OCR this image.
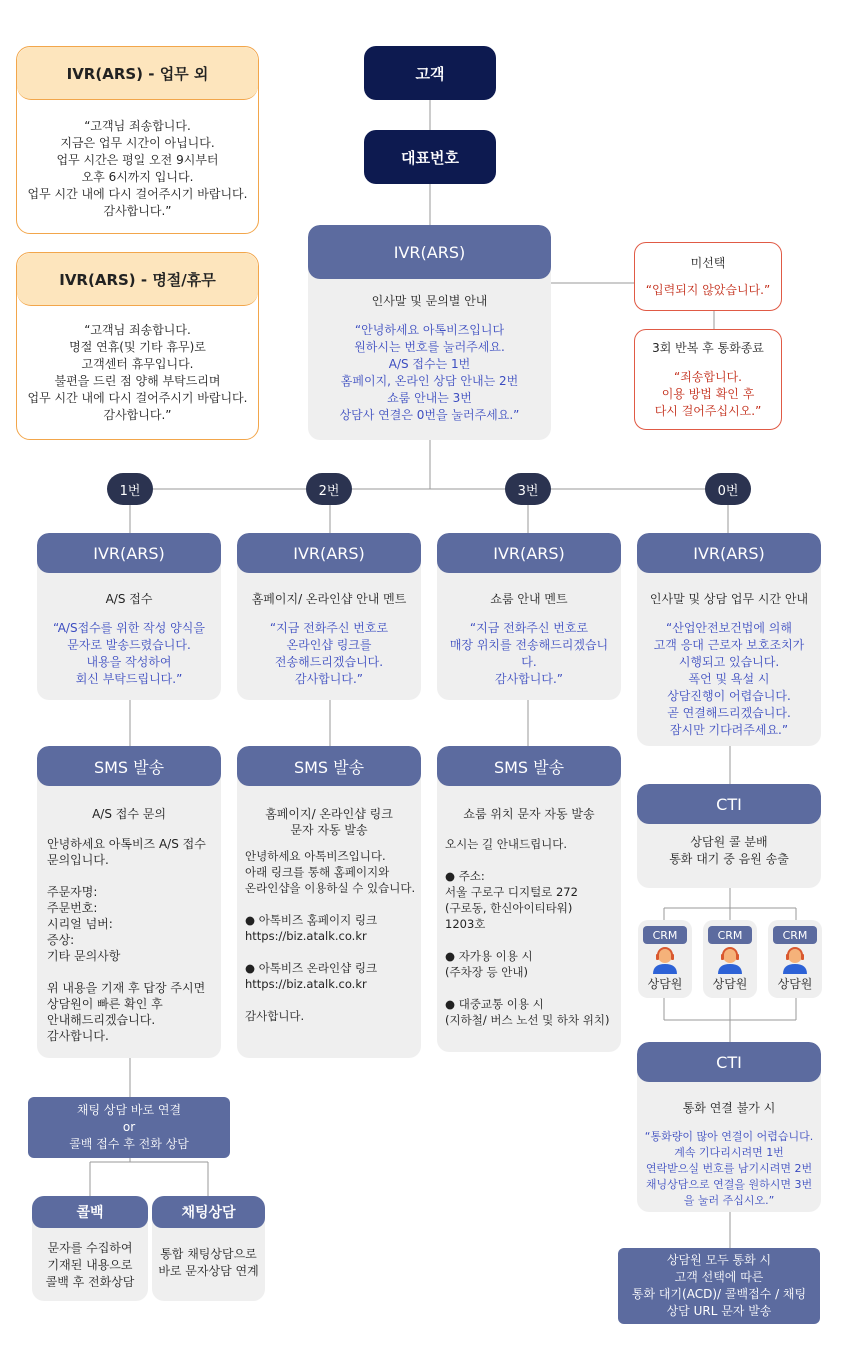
고객
대표번호
IVR(ARS)
인사말 및 문의별 안내
“안녕하세요 아톡비즈입니다
원하시는 번호를 눌러주세요.
A/S 접수는 1번
홈페이지, 온라인 상담 안내는 2번
쇼룸 안내는 3번
상담사 연결은 0번을 눌러주세요.”
IVR(ARS) - 업무 외
“고객님 죄송합니다.
지금은 업무 시간이 아닙니다.
업무 시간은 평일 오전 9시부터
오후 6시까지 입니다.
업무 시간 내에 다시 걸어주시기 바랍니다.
감사합니다.”
IVR(ARS) - 명절/휴무
“고객님 죄송합니다.
명절 연휴(및 기타 휴무)로
고객센터 휴무입니다.
불편을 드린 점 양해 부탁드리며
업무 시간 내에 다시 걸어주시기 바랍니다.
감사합니다.”
미선택
“입력되지 않았습니다.”
3회 반복 후 통화종료
“죄송합니다.
이용 방법 확인 후
다시 걸어주십시오.”
1번	2번	3번	0번
IVR(ARS)
A/S 접수
“A/S접수를 위한 작성 양식을
문자로 발송드렸습니다.
내용을 작성하여
회신 부탁드립니다.”
IVR(ARS)
홈페이지/ 온라인샵 안내 멘트
“지금 전화주신 번호로
온라인샵 링크를
전송해드리겠습니다.
감사합니다.”
IVR(ARS)
쇼룸 안내 멘트
“지금 전화주신 번호로
매장 위치를 전송해드리겠습니다.
감사합니다.”
IVR(ARS)
인사말 및 상담 업무 시간 안내
“산업안전보건법에 의해
고객 응대 근로자 보호조치가
시행되고 있습니다.
폭언 및 욕설 시
상담진행이 어렵습니다.
곧 연결해드리겠습니다.
잠시만 기다려주세요.”
SMS 발송
A/S 접수 문의
안녕하세요 아톡비즈 A/S 접수
문의입니다.

주문자명:
주문번호:
시리얼 넘버:
증상:
기타 문의사항

위 내용을 기재 후 답장 주시면
상담원이 빠른 확인 후
안내해드리겠습니다.
감사합니다.
SMS 발송
홈페이지/ 온라인샵 링크
문자 자동 발송
안녕하세요 아톡비즈입니다.
아래 링크를 통해 홈페이지와
온라인샵을 이용하실 수 있습니다.

● 아톡비즈 홈페이지 링크
https://biz.atalk.co.kr

● 아톡비즈 온라인샵 링크
https://biz.atalk.co.kr

감사합니다.
SMS 발송
쇼룸 위치 문자 자동 발송
오시는 길 안내드립니다.

● 주소:
서울 구로구 디지털로 272
(구로동, 한신아이티타워)
1203호

● 자가용 이용 시
(주차장 등 안내)

● 대중교통 이용 시
(지하철/ 버스 노선 및 하차 위치)
CTI
상담원 콜 분배
통화 대기 중 음원 송출
CRM
상담원
CRM
상담원
CRM
상담원
CTI
통화 연결 불가 시
“통화량이 많아 연결이 어렵습니다.
계속 기다리시려면 1번
연락받으실 번호를 남기시려면 2번
채닝상담으로 연결을 원하시면 3번
을 눌러 주십시오.”
상담원 모두 통화 시
고객 선택에 따른
통화 대기(ACD)/ 콜백접수 / 채팅
상담 URL 문자 발송
채팅 상담 바로 연결
or
콜백 접수 후 전화 상담
콜백
문자를 수집하여
기재된 내용으로
콜백 후 전화상담
채팅상담
통합 채팅상담으로
바로 문자상담 연계
